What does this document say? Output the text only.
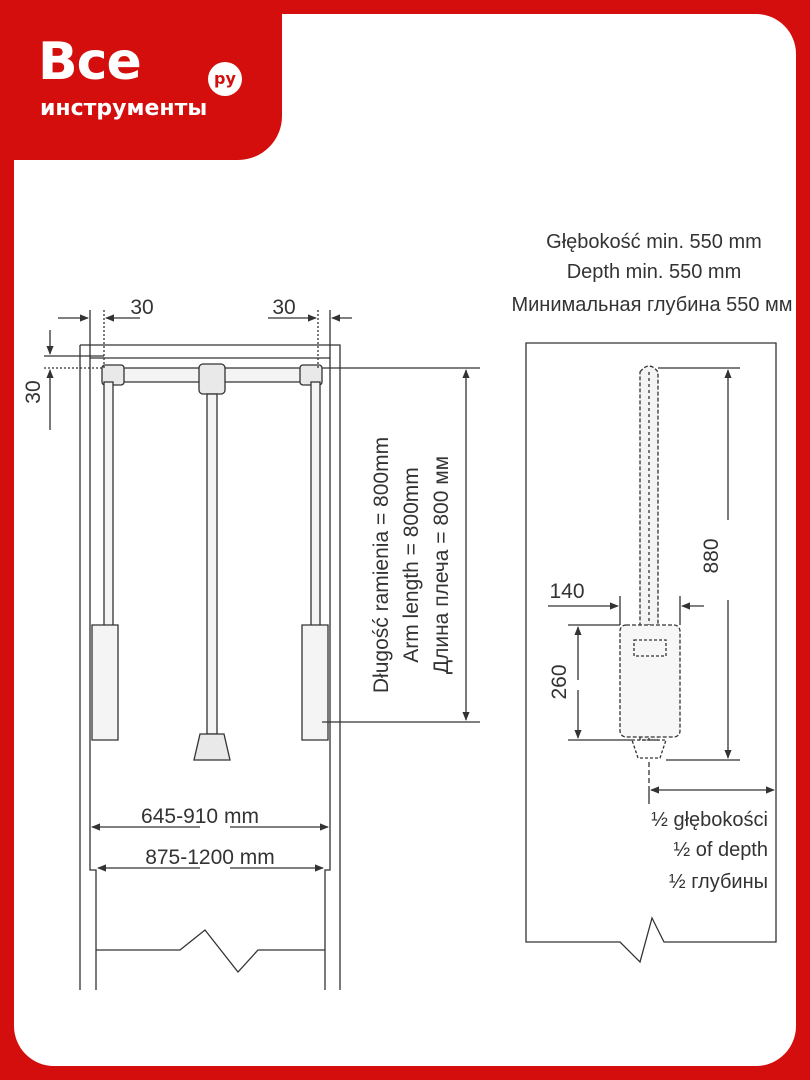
Все	ру
инструменты
30	30
30
Długość ramienia = 800mm Arm length = 800mm Длина плеча = 800 мм
645-910 mm
875-1200 mm
Głębokość min. 550 mm
Depth min. 550 mm
Минимальная глубина 550 мм
880
140
260
½ głębokości
½ of depth
½ глубины
